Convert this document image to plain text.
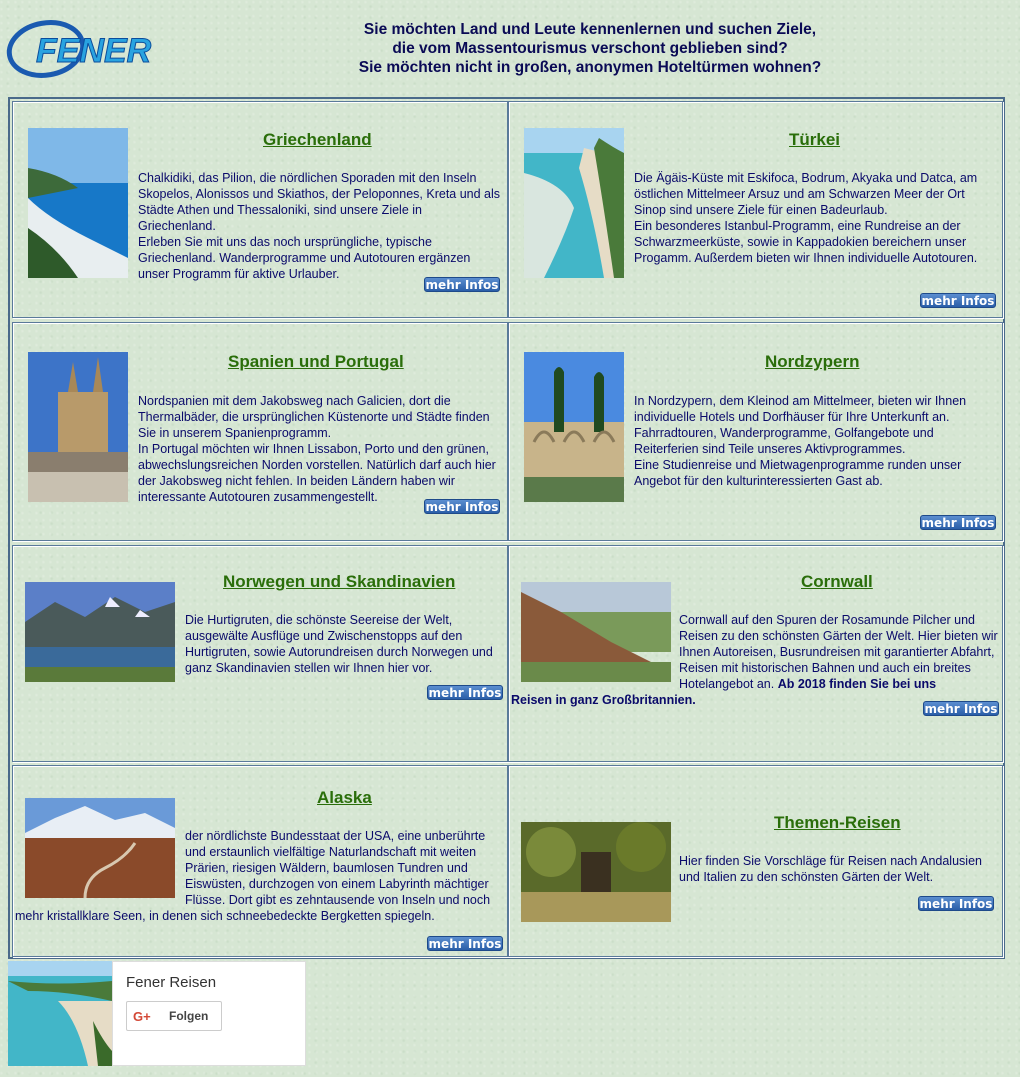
FENER
Sie möchten Land und Leute kennenlernen und suchen Ziele,
die vom Massentourismus verschont geblieben sind?
Sie möchten nicht in großen, anonymen Hoteltürmen wohnen?
Griechenland
Chalkidiki, das Pilion, die nördlichen Sporaden mit den Inseln Skopelos, Alonissos und Skiathos, der Peloponnes, Kreta und als Städte Athen und Thessaloniki, sind unsere Ziele in Griechenland.
Erleben Sie mit uns das noch ursprüngliche, typische Griechenland. Wanderprogramme und Autotouren ergänzen unser Programm für aktive Urlauber.
mehr Infos
Türkei
Die Ägäis-Küste mit Eskifoca, Bodrum, Akyaka und Datca, am östlichen Mittelmeer Arsuz und am Schwarzen Meer der Ort Sinop sind unsere Ziele für einen Badeurlaub.
Ein besonderes Istanbul-Programm, eine Rundreise an der Schwarzmeerküste, sowie in Kappadokien bereichern unser Progamm. Außerdem bieten wir Ihnen individuelle Autotouren.
mehr Infos
Spanien und Portugal
Nordspanien mit dem Jakobsweg nach Galicien, dort die Thermalbäder, die ursprünglichen Küstenorte und Städte finden Sie in unserem Spanienprogramm.
In Portugal möchten wir Ihnen Lissabon, Porto und den grünen, abwechslungsreichen Norden vorstellen. Natürlich darf auch hier der Jakobsweg nicht fehlen. In beiden Ländern haben wir interessante Autotouren zusammengestellt.
mehr Infos
Nordzypern
In Nordzypern, dem Kleinod am Mittelmeer, bieten wir Ihnen individuelle Hotels und Dorfhäuser für Ihre Unterkunft an. Fahrradtouren, Wanderprogramme, Golfangebote und Reiterferien sind Teile unseres Aktivprogrammes.
Eine Studienreise und Mietwagenprogramme runden unser Angebot für den kulturinteressierten Gast ab.
mehr Infos
Norwegen und Skandinavien
Die Hurtigruten, die schönste Seereise der Welt, ausgewälte Ausflüge und Zwischenstopps auf den Hurtigruten, sowie Autorundreisen durch Norwegen und ganz Skandinavien stellen wir Ihnen hier vor.
mehr Infos
Cornwall
Cornwall auf den Spuren der Rosamunde Pilcher und Reisen zu den schönsten Gärten der Welt. Hier bieten wir Ihnen Autoreisen, Busrundreisen mit garantierter Abfahrt, Reisen mit historischen Bahnen und auch ein breites Hotelangebot an. Ab 2018 finden Sie bei uns
Reisen in ganz Großbritannien.
mehr Infos
Alaska
der nördlichste Bundesstaat der USA, eine unberührte und erstaunlich vielfältige Naturlandschaft mit weiten Prärien, riesigen Wäldern, baumlosen Tundren und Eiswüsten, durchzogen von einem Labyrinth mächtiger Flüsse. Dort gibt es zehntausende von Inseln und noch
mehr kristallklare Seen, in denen sich schneebedeckte Bergketten spiegeln.
mehr Infos
Themen-Reisen
Hier finden Sie Vorschläge für Reisen nach Andalusien und Italien zu den schönsten Gärten der Welt.
mehr Infos
Fener Reisen
G+ Folgen
